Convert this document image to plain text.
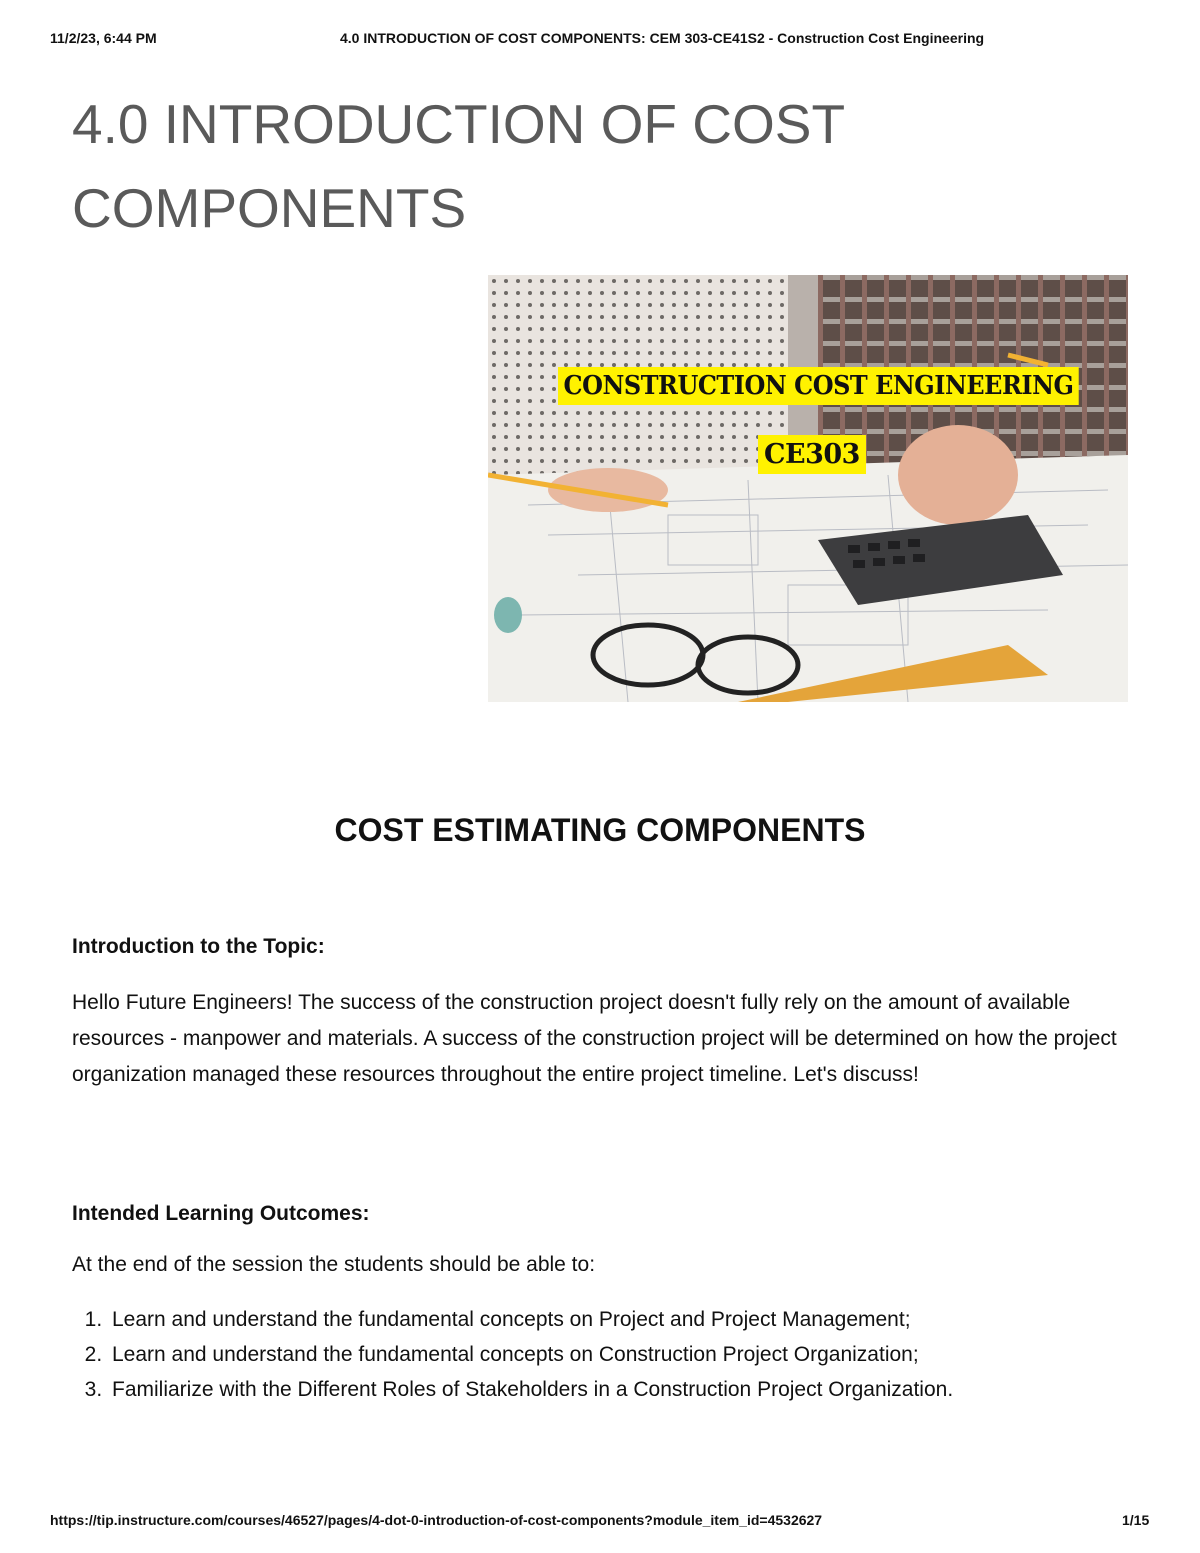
11/2/23, 6:44 PM	4.0 INTRODUCTION OF COST COMPONENTS: CEM 303-CE41S2 - Construction Cost Engineering
4.0 INTRODUCTION OF COST COMPONENTS
CONSTRUCTION COST ENGINEERING
CE303
COST ESTIMATING COMPONENTS
Introduction to the Topic:

Hello Future Engineers! The success of the construction project doesn't fully rely on the amount of available resources - manpower and materials. A success of the construction project will be determined on how the project organization managed these resources throughout the entire project timeline. Let's discuss!

Intended Learning Outcomes:
At the end of the session the students should be able to:
1. Learn and understand the fundamental concepts on Project and Project Management;
2. Learn and understand the fundamental concepts on Construction Project Organization;
3. Familiarize with the Different Roles of Stakeholders in a Construction Project Organization.
https://tip.instructure.com/courses/46527/pages/4-dot-0-introduction-of-cost-components?module_item_id=4532627	1/15
